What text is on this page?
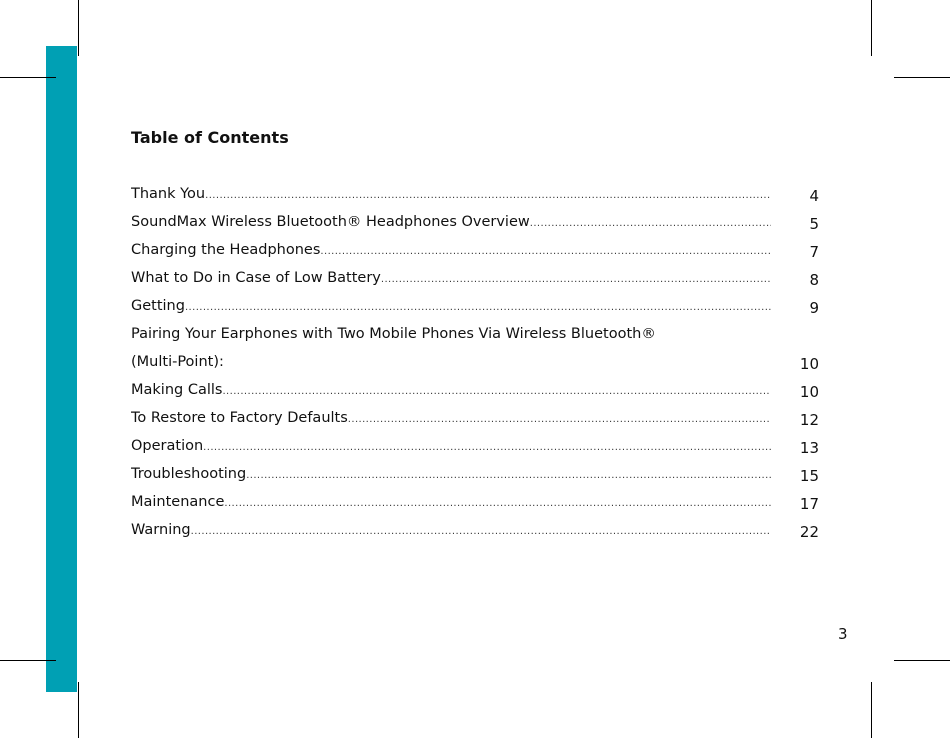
Table of Contents
Thank You .....	4
SoundMax Wireless Bluetooth® Headphones Overview .....	5
Charging the Headphones .....	7
What to Do in Case of Low Battery .....	8
Getting .....	9
Pairing Your Earphones with Two Mobile Phones Via Wireless Bluetooth®
(Multi-Point):	10
Making Calls .....	10
To Restore to Factory Defaults .....	12
Operation .....	13
Troubleshooting .....	15
Maintenance .....	17
Warning .....	22
3
